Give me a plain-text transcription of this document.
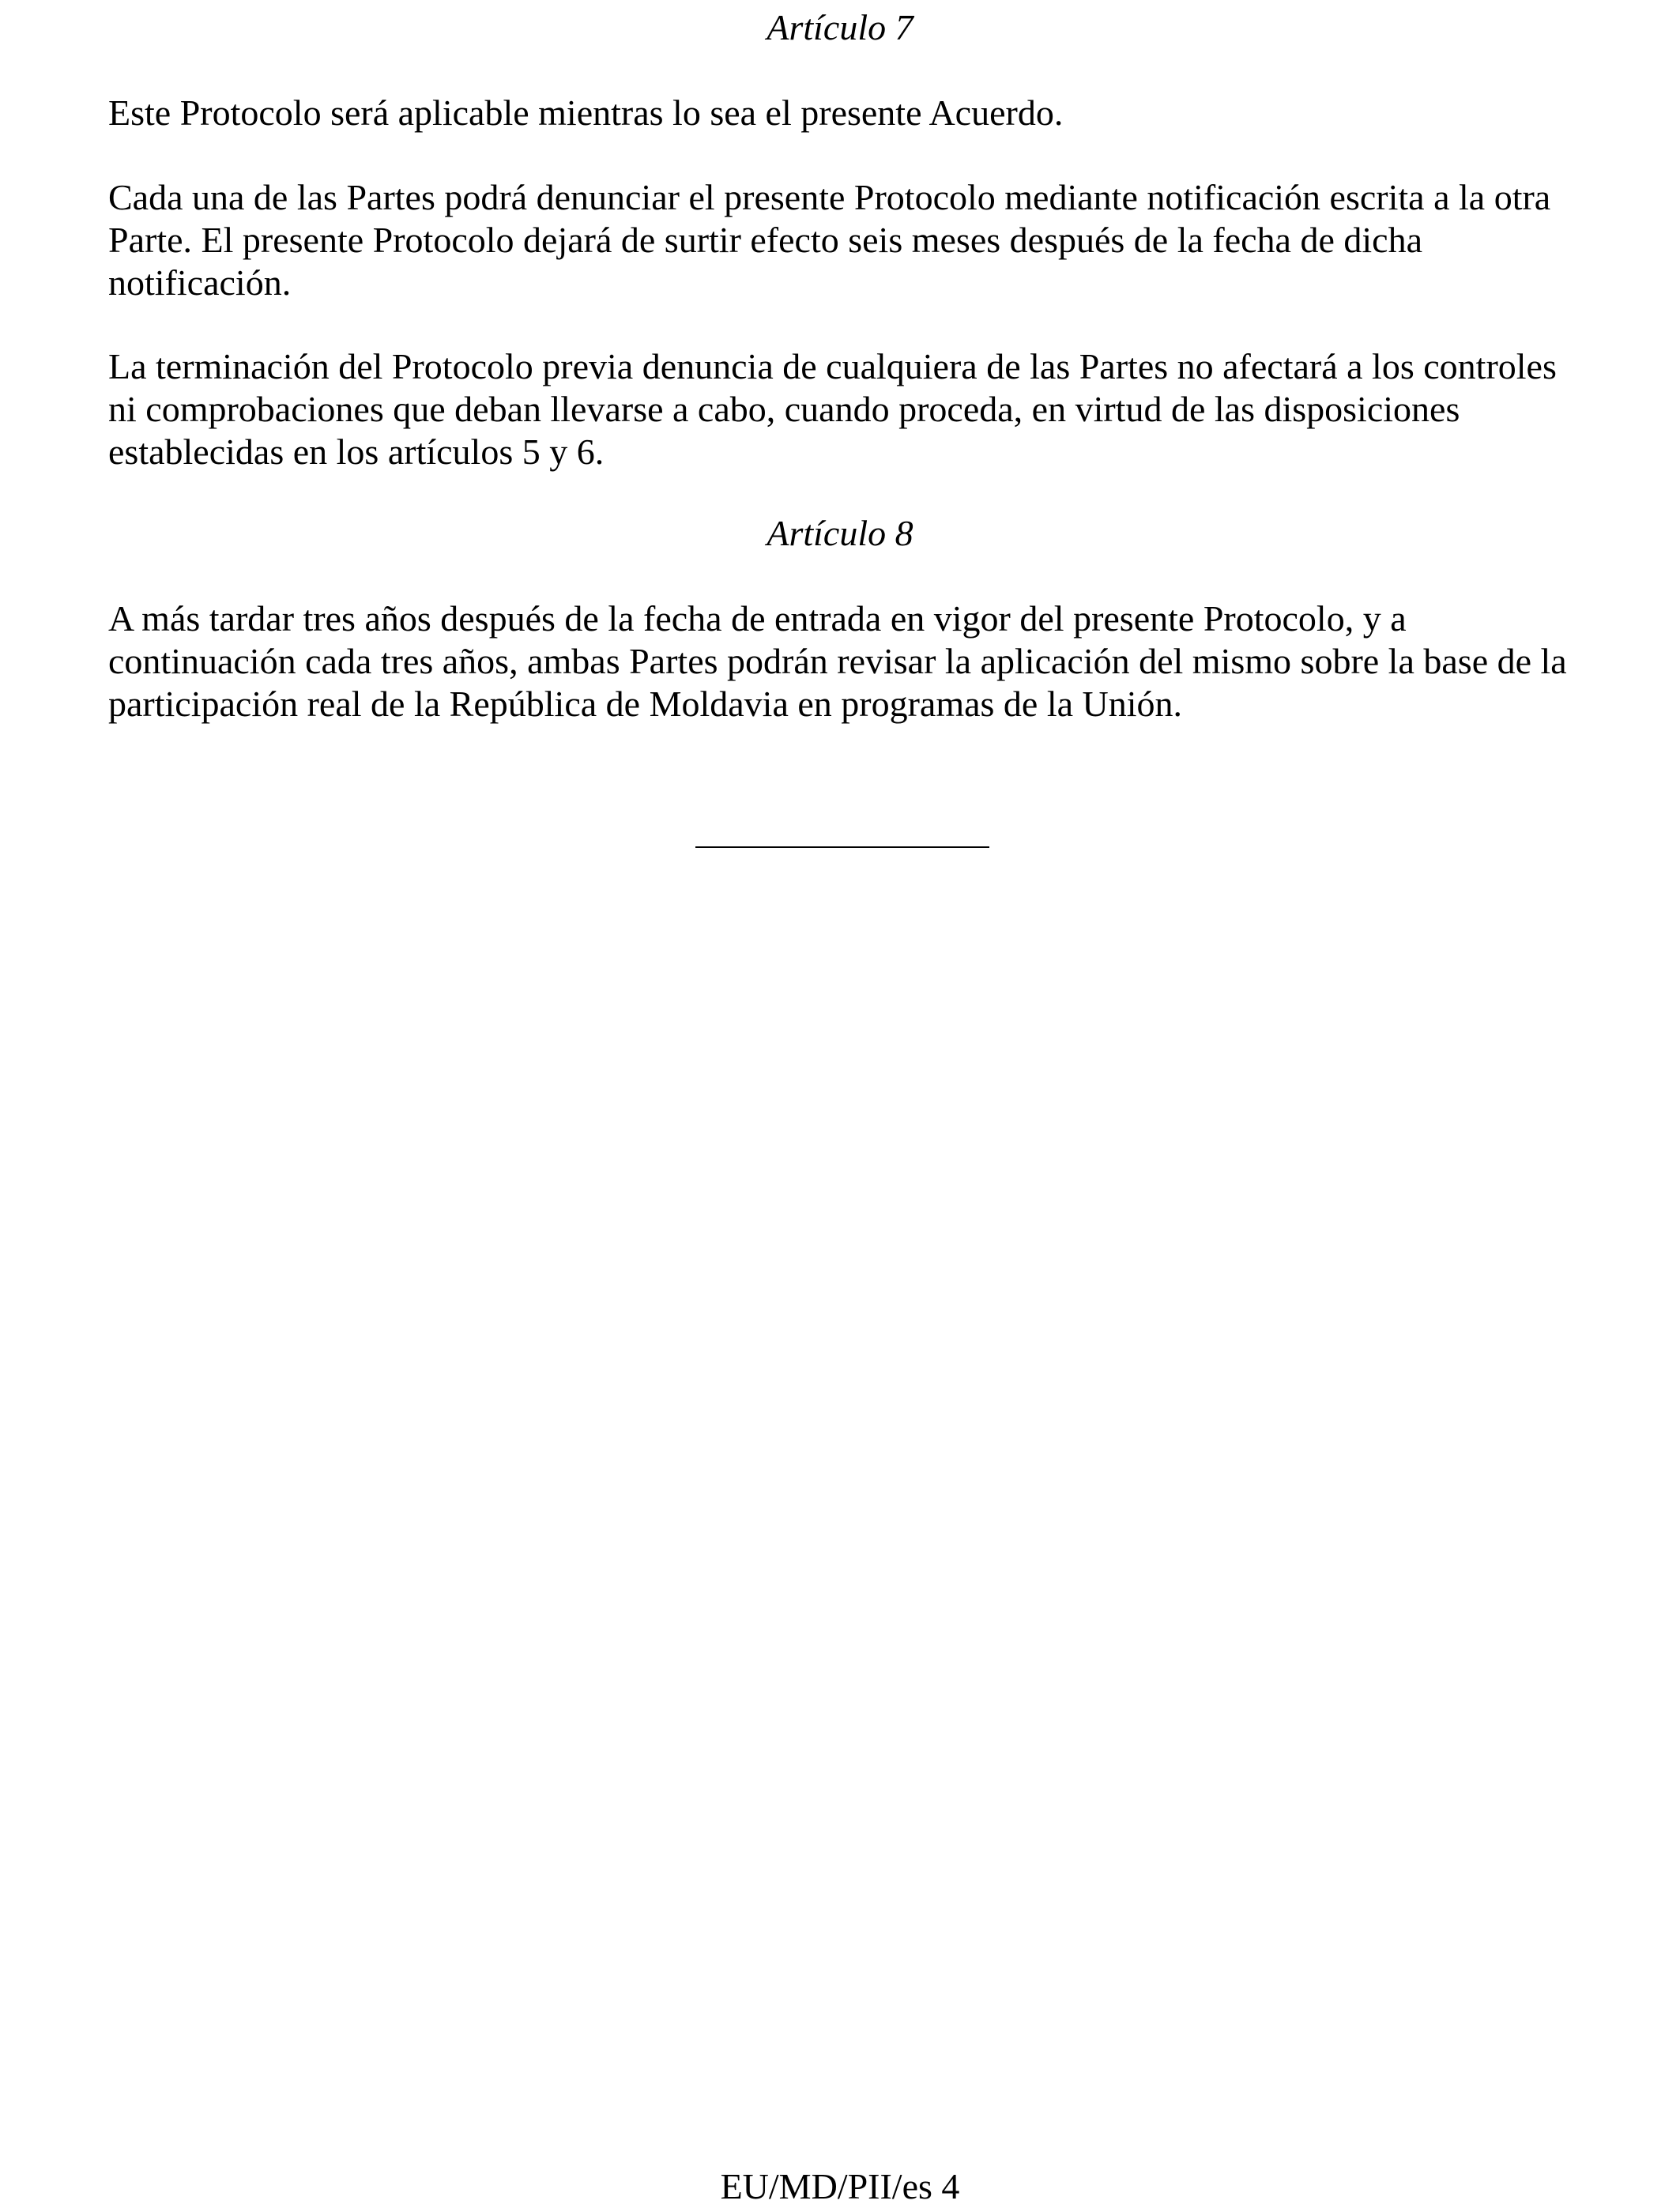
Artículo 7

Este Protocolo será aplicable mientras lo sea el presente Acuerdo.

Cada una de las Partes podrá denunciar el presente Protocolo mediante notificación escrita a la otra
Parte. El presente Protocolo dejará de surtir efecto seis meses después de la fecha de dicha
notificación.

La terminación del Protocolo previa denuncia de cualquiera de las Partes no afectará a los controles
ni comprobaciones que deban llevarse a cabo, cuando proceda, en virtud de las disposiciones
establecidas en los artículos 5 y 6.

Artículo 8

A más tardar tres años después de la fecha de entrada en vigor del presente Protocolo, y a
continuación cada tres años, ambas Partes podrán revisar la aplicación del mismo sobre la base de la
participación real de la República de Moldavia en programas de la Unión.

EU/MD/PII/es 4
